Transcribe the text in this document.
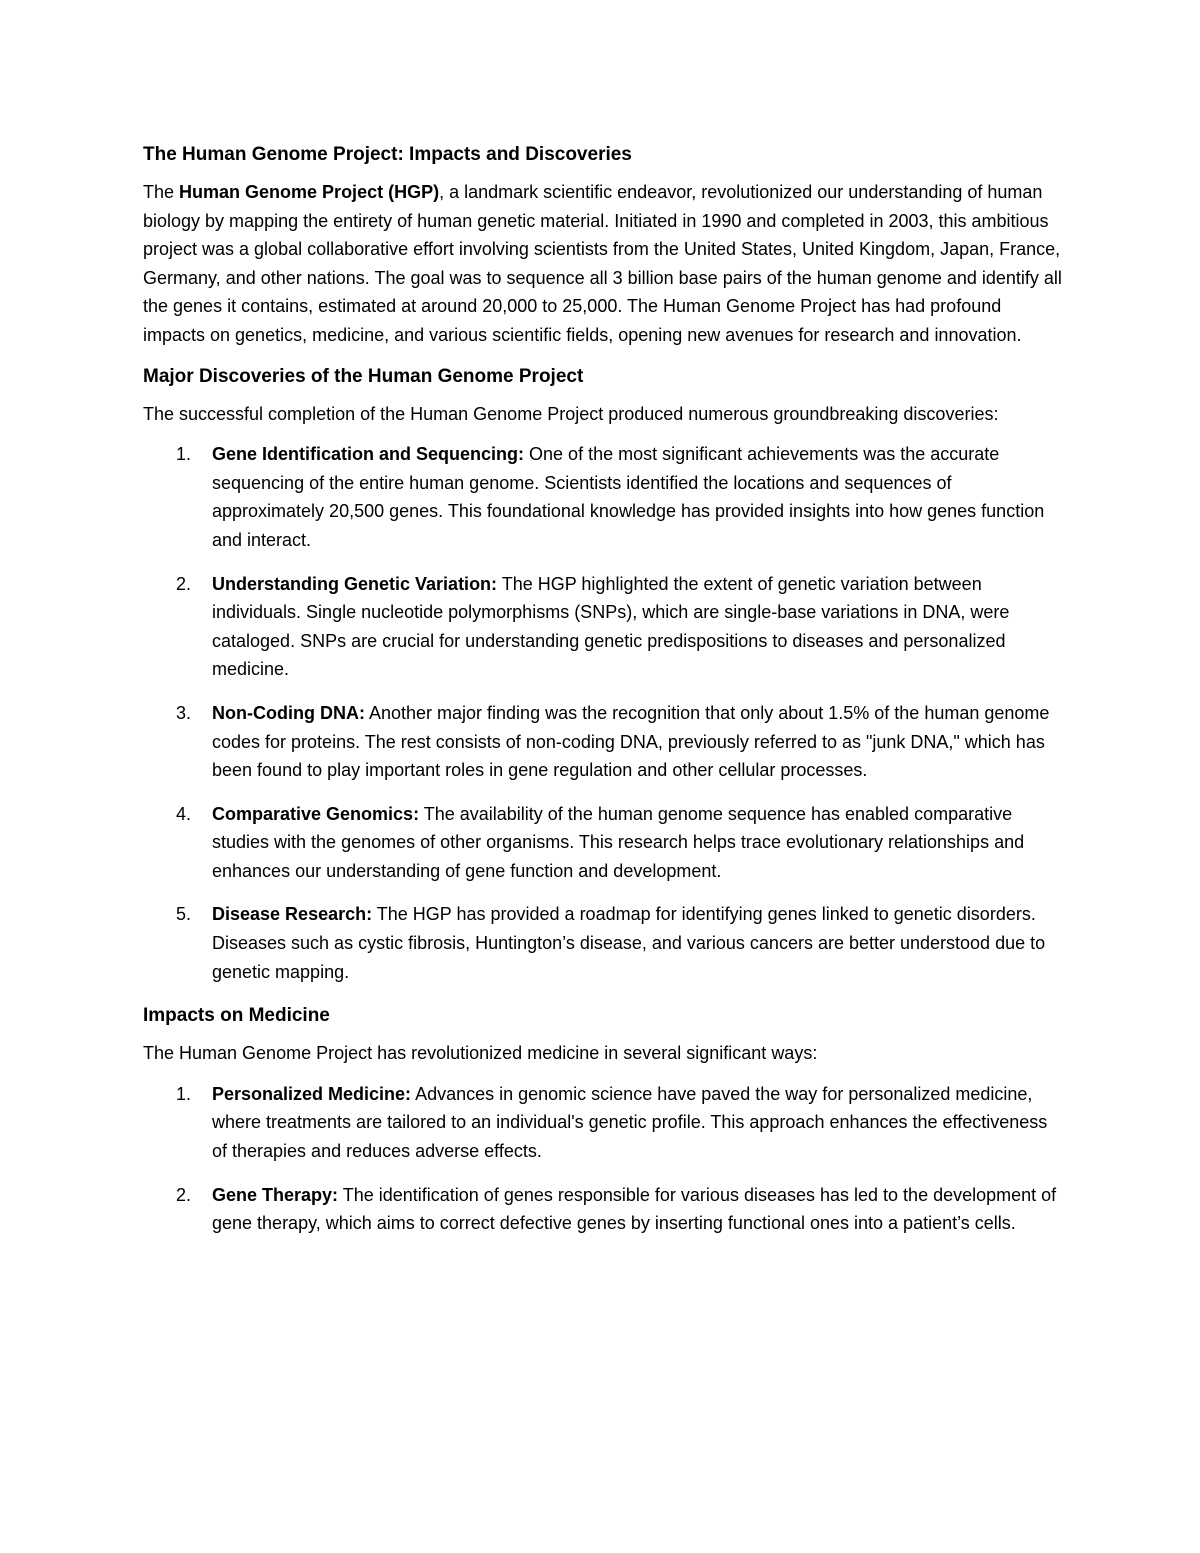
The Human Genome Project: Impacts and Discoveries

The Human Genome Project (HGP), a landmark scientific endeavor, revolutionized our understanding of human biology by mapping the entirety of human genetic material. Initiated in 1990 and completed in 2003, this ambitious project was a global collaborative effort involving scientists from the United States, United Kingdom, Japan, France, Germany, and other nations. The goal was to sequence all 3 billion base pairs of the human genome and identify all the genes it contains, estimated at around 20,000 to 25,000. The Human Genome Project has had profound impacts on genetics, medicine, and various scientific fields, opening new avenues for research and innovation.

Major Discoveries of the Human Genome Project

The successful completion of the Human Genome Project produced numerous groundbreaking discoveries:

1. Gene Identification and Sequencing: One of the most significant achievements was the accurate sequencing of the entire human genome. Scientists identified the locations and sequences of approximately 20,500 genes. This foundational knowledge has provided insights into how genes function and interact.
2. Understanding Genetic Variation: The HGP highlighted the extent of genetic variation between individuals. Single nucleotide polymorphisms (SNPs), which are single-base variations in DNA, were cataloged. SNPs are crucial for understanding genetic predispositions to diseases and personalized medicine.
3. Non-Coding DNA: Another major finding was the recognition that only about 1.5% of the human genome codes for proteins. The rest consists of non-coding DNA, previously referred to as "junk DNA," which has been found to play important roles in gene regulation and other cellular processes.
4. Comparative Genomics: The availability of the human genome sequence has enabled comparative studies with the genomes of other organisms. This research helps trace evolutionary relationships and enhances our understanding of gene function and development.
5. Disease Research: The HGP has provided a roadmap for identifying genes linked to genetic disorders. Diseases such as cystic fibrosis, Huntington’s disease, and various cancers are better understood due to genetic mapping.
Impacts on Medicine

The Human Genome Project has revolutionized medicine in several significant ways:

1. Personalized Medicine: Advances in genomic science have paved the way for personalized medicine, where treatments are tailored to an individual's genetic profile. This approach enhances the effectiveness of therapies and reduces adverse effects.
2. Gene Therapy: The identification of genes responsible for various diseases has led to the development of gene therapy, which aims to correct defective genes by inserting functional ones into a patient’s cells.
